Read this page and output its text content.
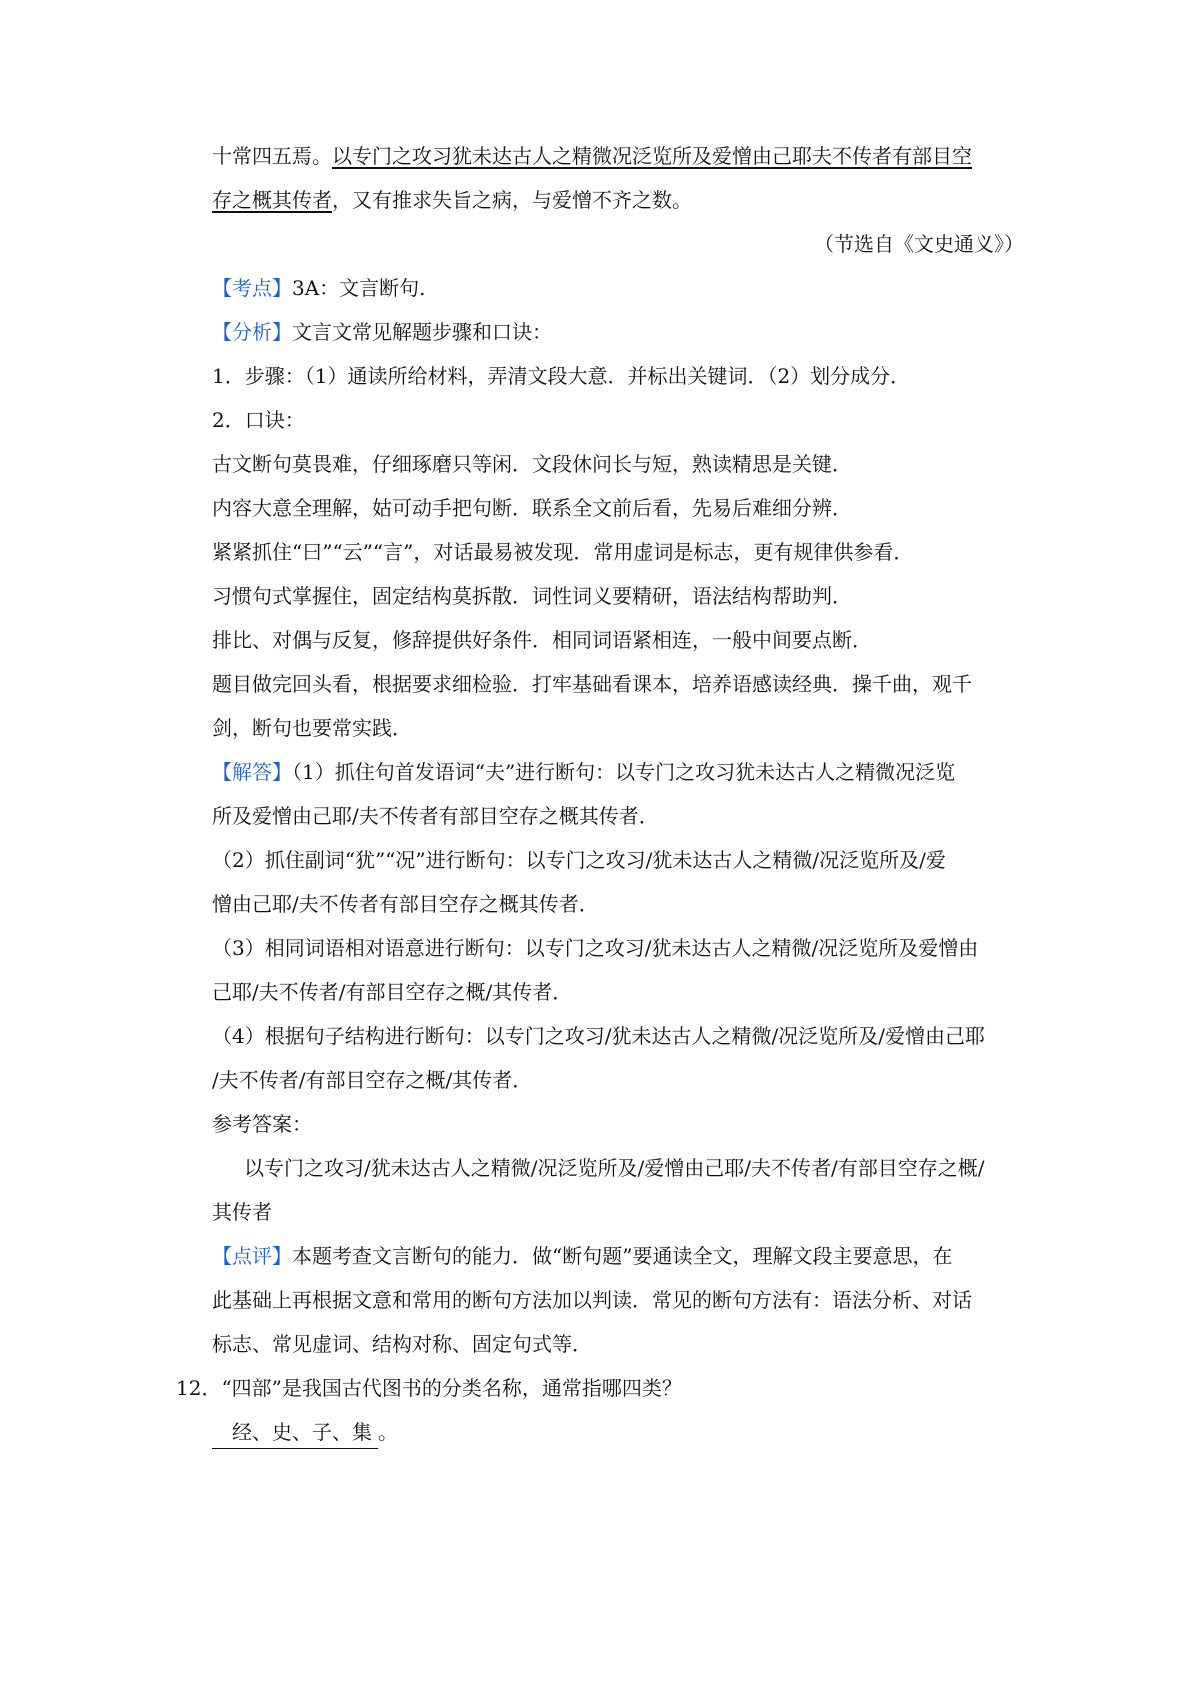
十常四五焉。以专门之攻习犹未达古人之精微况泛览所及爱憎由己耶夫不传者有部目空
存之概其传者，又有推求失旨之病，与爱憎不齐之数。
（节选自《文史通义》）
【考点】3A：文言断句.
【分析】文言文常见解题步骤和口诀：
1．步骤：（1）通读所给材料，弄清文段大意．并标出关键词．（2）划分成分．
2．口诀：
古文断句莫畏难，仔细琢磨只等闲．文段休问长与短，熟读精思是关键．
内容大意全理解，姑可动手把句断．联系全文前后看，先易后难细分辨．
紧紧抓住“曰”“云”“言”，对话最易被发现．常用虚词是标志，更有规律供参看．
习惯句式掌握住，固定结构莫拆散．词性词义要精研，语法结构帮助判．
排比、对偶与反复，修辞提供好条件．相同词语紧相连，一般中间要点断．
题目做完回头看，根据要求细检验．打牢基础看课本，培养语感读经典．操千曲，观千
剑，断句也要常实践．
【解答】（1）抓住句首发语词“夫”进行断句：以专门之攻习犹未达古人之精微况泛览
所及爱憎由己耶/夫不传者有部目空存之概其传者．
（2）抓住副词“犹”“况”进行断句：以专门之攻习/犹未达古人之精微/况泛览所及/爱
憎由己耶/夫不传者有部目空存之概其传者．
（3）相同词语相对语意进行断句：以专门之攻习/犹未达古人之精微/况泛览所及爱憎由
己耶/夫不传者/有部目空存之概/其传者．
（4）根据句子结构进行断句：以专门之攻习/犹未达古人之精微/况泛览所及/爱憎由己耶
/夫不传者/有部目空存之概/其传者．
参考答案：
以专门之攻习/犹未达古人之精微/况泛览所及/爱憎由己耶/夫不传者/有部目空存之概/
其传者
【点评】本题考查文言断句的能力．做“断句题”要通读全文，理解文段主要意思，在
此基础上再根据文意和常用的断句方法加以判读．常见的断句方法有：语法分析、对话
标志、常见虚词、结构对称、固定句式等．
12．“四部”是我国古代图书的分类名称，通常指哪四类？
经、史、子、集 。
